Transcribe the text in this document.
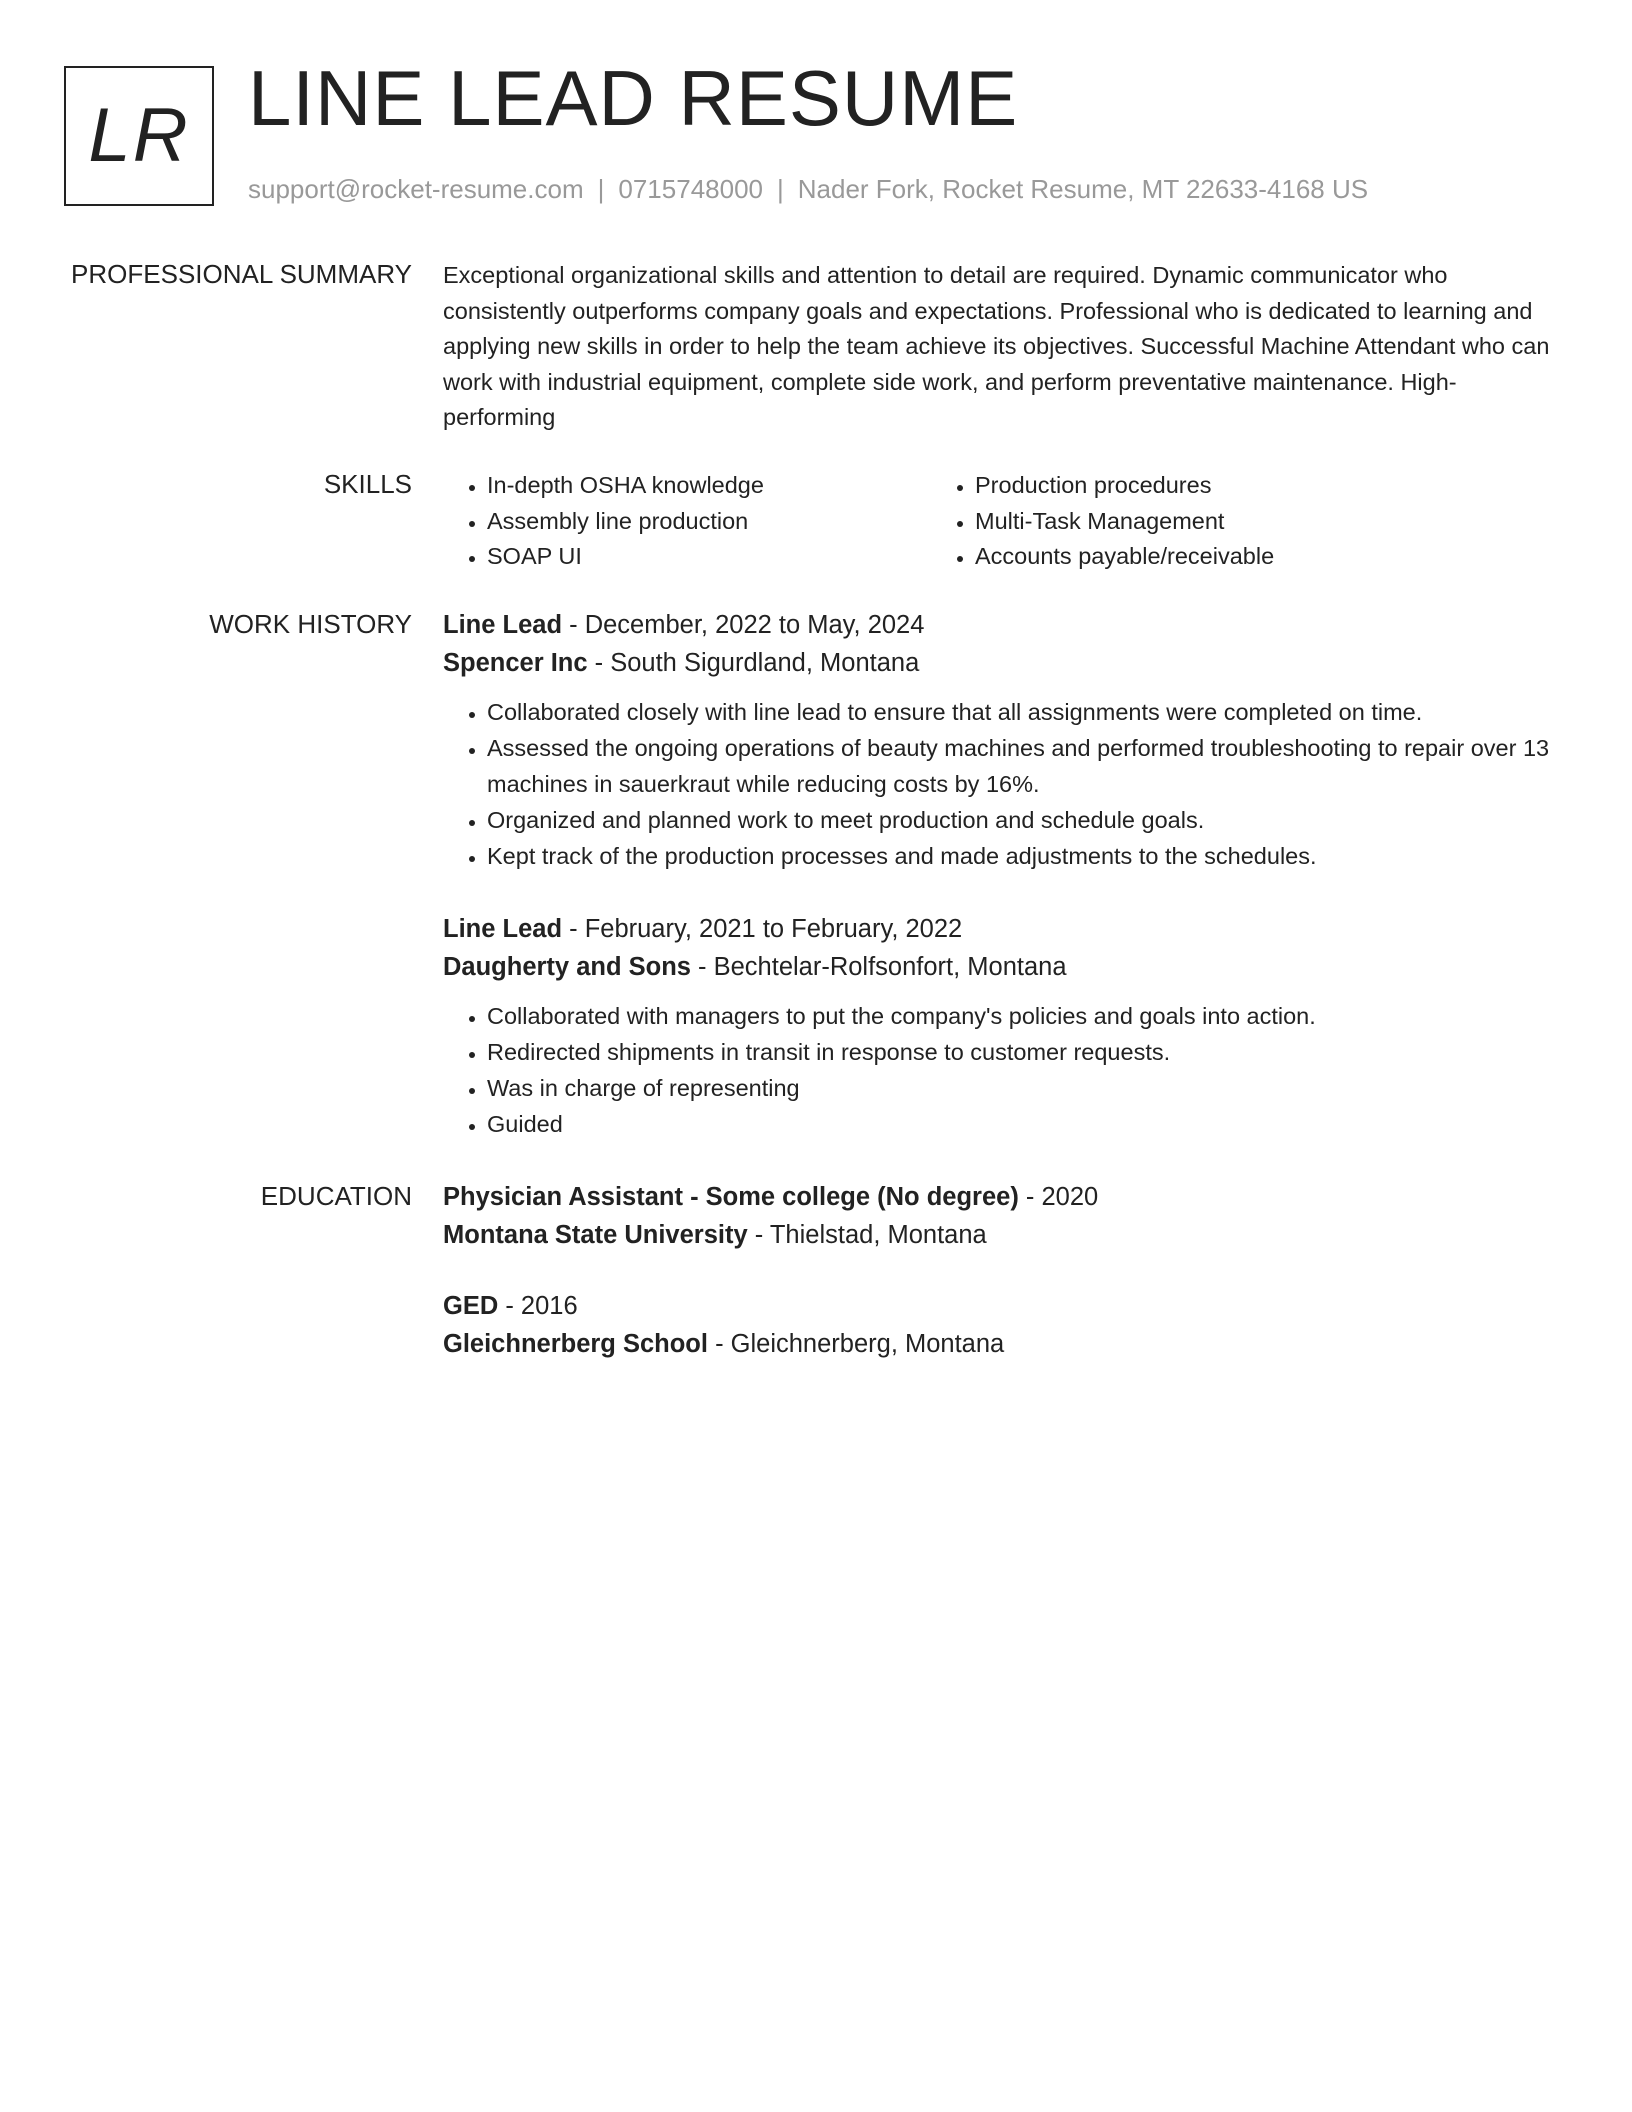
LR LINE LEAD RESUME
support@rocket-resume.com | 0715748000 | Nader Fork, Rocket Resume, MT 22633-4168 US
PROFESSIONAL SUMMARY Exceptional organizational skills and attention to detail are required. Dynamic communicator who consistently outperforms company goals and expectations. Professional who is dedicated to learning and applying new skills in order to help the team achieve its objectives. Successful Machine Attendant who can work with industrial equipment, complete side work, and perform preventative maintenance. High-performing

SKILLS
•	In-depth OSHA knowledge
• Assembly line production
• SOAP UI
• Production procedures
• Multi-Task Management
• Accounts payable/receivable
WORK HISTORY Line Lead - December, 2022 to May, 2024

Spencer Inc - South Sigurdland, Montana

• Collaborated closely with line lead to ensure that all assignments were completed on time.
• Assessed the ongoing operations of beauty machines and performed troubleshooting to repair over 13 machines in sauerkraut while reducing costs by 16%.
• Organized and planned work to meet production and schedule goals.
• Kept track of the production processes and made adjustments to the schedules.

Line Lead - February, 2021 to February, 2022

Daugherty and Sons - Bechtelar-Rolfsonfort, Montana

• Collaborated with managers to put the company's policies and goals into action.
• Redirected shipments in transit in response to customer requests.
• Was in charge of representing
• Guided
EDUCATION Physician Assistant - Some college (No degree) - 2020

Montana State University - Thielstad, Montana

GED - 2016

Gleichnerberg School - Gleichnerberg, Montana
